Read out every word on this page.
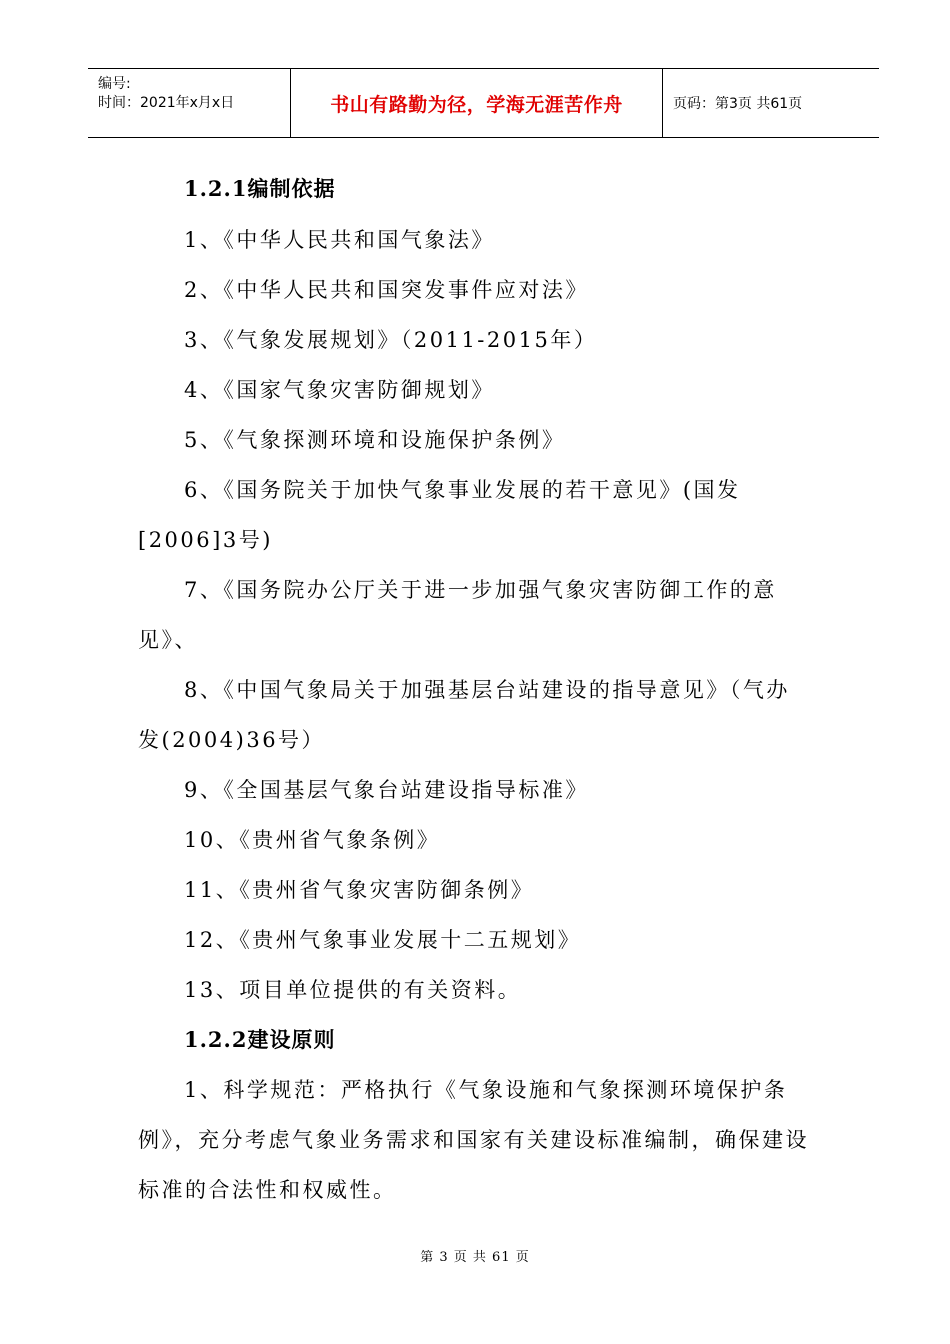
编号:
时间：2021年x月x日	书山有路勤为径，学海无涯苦作舟	页码：第3页 共61页
1.2.1编制依据
1、《中华人民共和国气象法》
2、《中华人民共和国突发事件应对法》
3、《气象发展规划》（2011-2015年）
4、《国家气象灾害防御规划》
5、《气象探测环境和设施保护条例》
6、《国务院关于加快气象事业发展的若干意见》(国发
[2006]3号)
7、《国务院办公厅关于进一步加强气象灾害防御工作的意
见》、
8、《中国气象局关于加强基层台站建设的指导意见》（气办
发(2004)36号）
9、《全国基层气象台站建设指导标准》
10、《贵州省气象条例》
11、《贵州省气象灾害防御条例》
12、《贵州气象事业发展十二五规划》
13、项目单位提供的有关资料。
1.2.2建设原则
1、科学规范：严格执行《气象设施和气象探测环境保护条
例》，充分考虑气象业务需求和国家有关建设标准编制，确保建设
标准的合法性和权威性。
第 3 页 共 61 页
